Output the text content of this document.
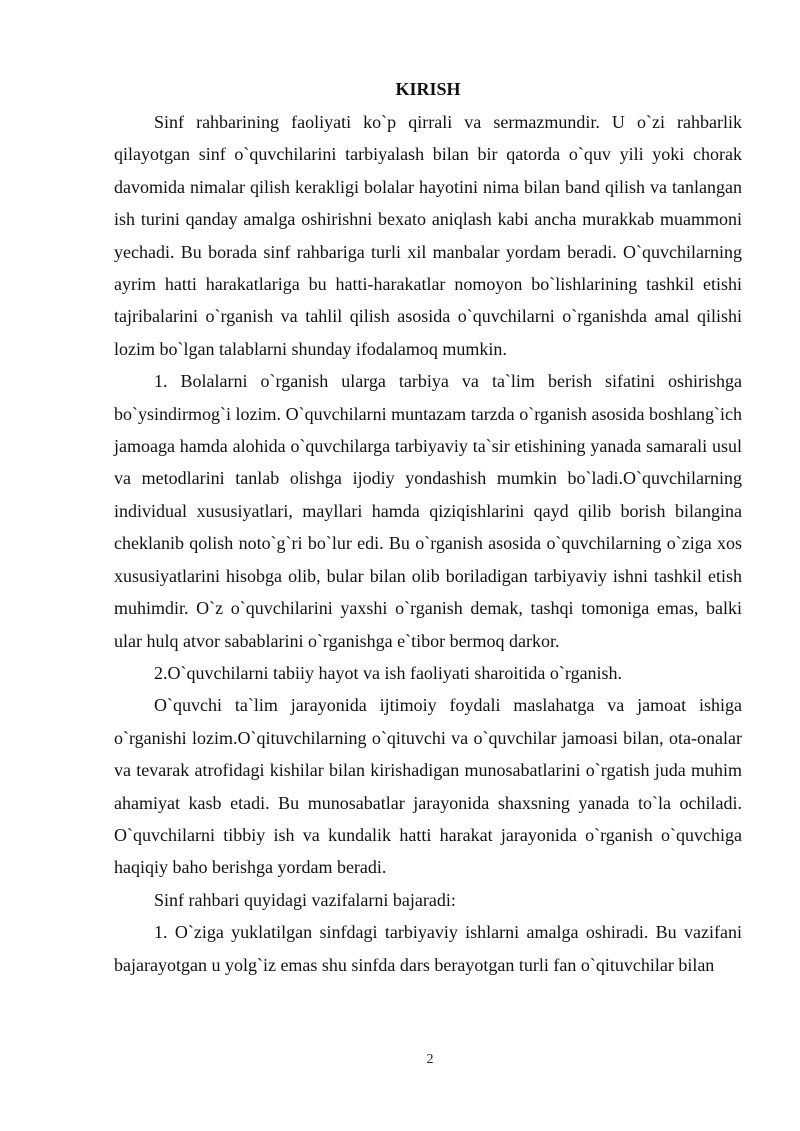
KIRISH

Sinf rahbarining faoliyati ko`p qirrali va sermazmundir. U o`zi rahbarlik qilayotgan sinf o`quvchilarini tarbiyalash bilan bir qatorda o`quv yili yoki chorak davomida nimalar qilish kerakligi bolalar hayotini nima bilan band qilish va tanlangan ish turini qanday amalga oshirishni bexato aniqlash kabi ancha murakkab muammoni yechadi. Bu borada sinf rahbariga turli xil manbalar yordam beradi. O`quvchilarning ayrim hatti harakatlariga bu hatti-harakatlar nomoyon bo`lishlarining tashkil etishi tajribalarini o`rganish va tahlil qilish asosida o`quvchilarni o`rganishda amal qilishi lozim bo`lgan talablarni shunday ifodalamoq mumkin.

1. Bolalarni o`rganish ularga tarbiya va ta`lim berish sifatini oshirishga bo`ysindirmog`i lozim. O`quvchilarni muntazam tarzda o`rganish asosida boshlang`ich jamoaga hamda alohida o`quvchilarga tarbiyaviy ta`sir etishining yanada samarali usul va metodlarini tanlab olishga ijodiy yondashish mumkin bo`ladi.O`quvchilarning individual xususiyatlari, mayllari hamda qiziqishlarini qayd qilib borish bilangina cheklanib qolish noto`g`ri bo`lur edi. Bu o`rganish asosida o`quvchilarning o`ziga xos xususiyatlarini hisobga olib, bular bilan olib boriladigan tarbiyaviy ishni tashkil etish muhimdir. O`z o`quvchilarini yaxshi o`rganish demak, tashqi tomoniga emas, balki ular hulq atvor sabablarini o`rganishga e`tibor bermoq darkor.

2.O`quvchilarni tabiiy hayot va ish faoliyati sharoitida o`rganish.

O`quvchi ta`lim jarayonida ijtimoiy foydali maslahatga va jamoat ishiga o`rganishi lozim.O`qituvchilarning o`qituvchi va o`quvchilar jamoasi bilan, ota-onalar va tevarak atrofidagi kishilar bilan kirishadigan munosabatlarini o`rgatish juda muhim ahamiyat kasb etadi. Bu munosabatlar jarayonida shaxsning yanada to`la ochiladi. O`quvchilarni tibbiy ish va kundalik hatti harakat jarayonida o`rganish o`quvchiga haqiqiy baho berishga yordam beradi.

Sinf rahbari quyidagi vazifalarni bajaradi:

1. O`ziga yuklatilgan sinfdagi tarbiyaviy ishlarni amalga oshiradi. Bu vazifani bajarayotgan u yolg`iz emas shu sinfda dars berayotgan turli fan o`qituvchilar bilan

2
